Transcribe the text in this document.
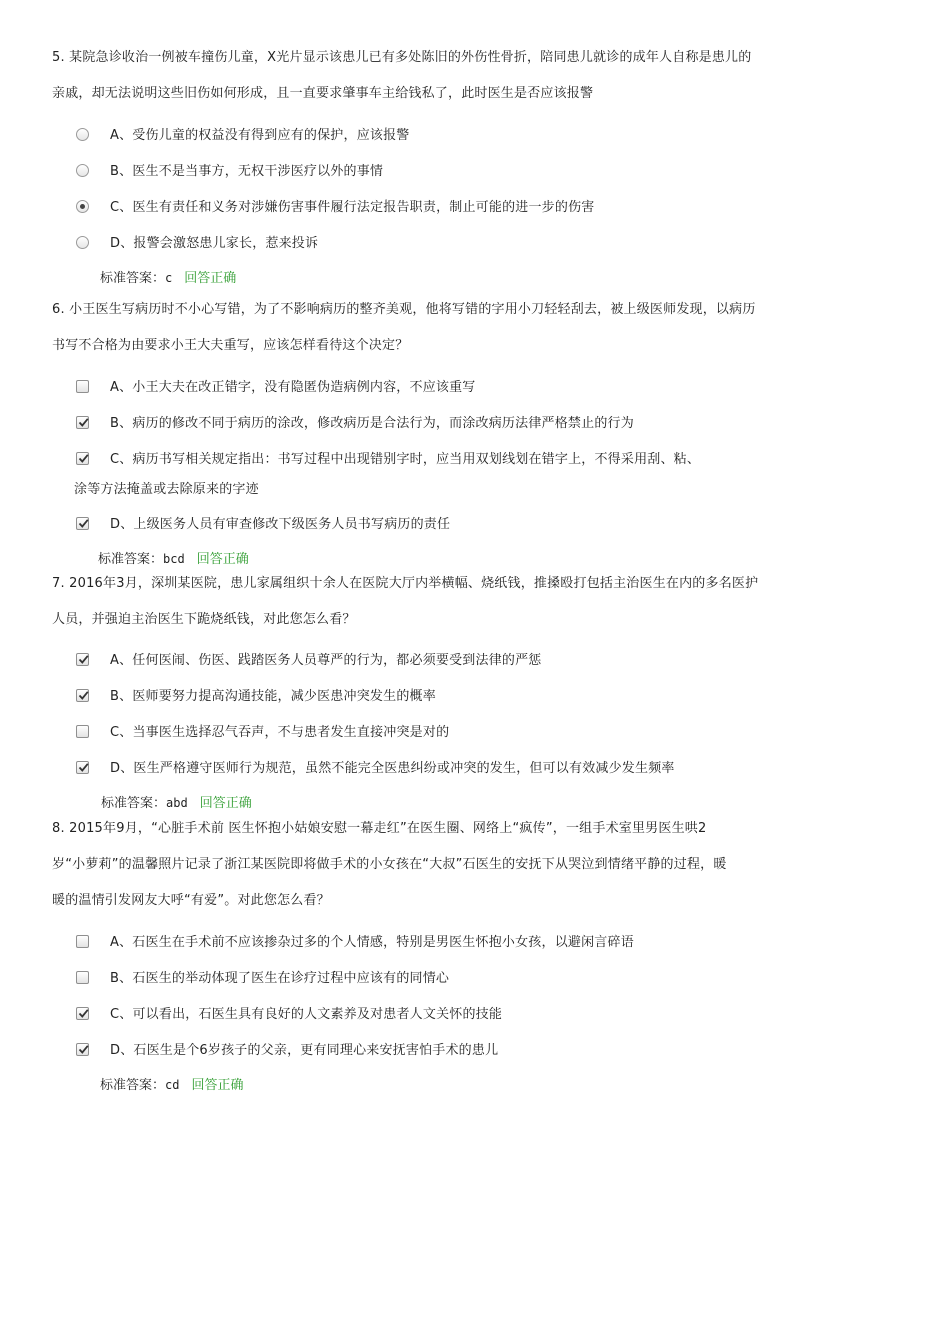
5. 某院急诊收治一例被车撞伤儿童，X光片显示该患儿已有多处陈旧的外伤性骨折，陪同患儿就诊的成年人自称是患儿的
亲戚，却无法说明这些旧伤如何形成，且一直要求肇事车主给钱私了，此时医生是否应该报警
A、受伤儿童的权益没有得到应有的保护，应该报警
B、医生不是当事方，无权干涉医疗以外的事情
C、医生有责任和义务对涉嫌伤害事件履行法定报告职责，制止可能的进一步的伤害
D、报警会激怒患儿家长，惹来投诉
标准答案：c 回答正确
6. 小王医生写病历时不小心写错，为了不影响病历的整齐美观，他将写错的字用小刀轻轻刮去，被上级医师发现，以病历
书写不合格为由要求小王大夫重写，应该怎样看待这个决定？
A、小王大夫在改正错字，没有隐匿伪造病例内容，不应该重写
B、病历的修改不同于病历的涂改，修改病历是合法行为，而涂改病历法律严格禁止的行为
C、病历书写相关规定指出：书写过程中出现错别字时，应当用双划线划在错字上，不得采用刮、粘、
涂等方法掩盖或去除原来的字迹
D、上级医务人员有审查修改下级医务人员书写病历的责任
标准答案：bcd 回答正确
7. 2016年3月，深圳某医院，患儿家属组织十余人在医院大厅内举横幅、烧纸钱，推搡殴打包括主治医生在内的多名医护
人员，并强迫主治医生下跪烧纸钱，对此您怎么看？
A、任何医闹、伤医、践踏医务人员尊严的行为，都必须要受到法律的严惩
B、医师要努力提高沟通技能，减少医患冲突发生的概率
C、当事医生选择忍气吞声，不与患者发生直接冲突是对的
D、医生严格遵守医师行为规范，虽然不能完全医患纠纷或冲突的发生，但可以有效减少发生频率
标准答案：abd 回答正确
8. 2015年9月，“心脏手术前 医生怀抱小姑娘安慰一幕走红”在医生圈、网络上“疯传”，一组手术室里男医生哄2
岁“小萝莉”的温馨照片记录了浙江某医院即将做手术的小女孩在“大叔”石医生的安抚下从哭泣到情绪平静的过程，暖
暖的温情引发网友大呼“有爱”。对此您怎么看？
A、石医生在手术前不应该掺杂过多的个人情感，特别是男医生怀抱小女孩，以避闲言碎语
B、石医生的举动体现了医生在诊疗过程中应该有的同情心
C、可以看出，石医生具有良好的人文素养及对患者人文关怀的技能
D、石医生是个6岁孩子的父亲，更有同理心来安抚害怕手术的患儿
标准答案：cd 回答正确
